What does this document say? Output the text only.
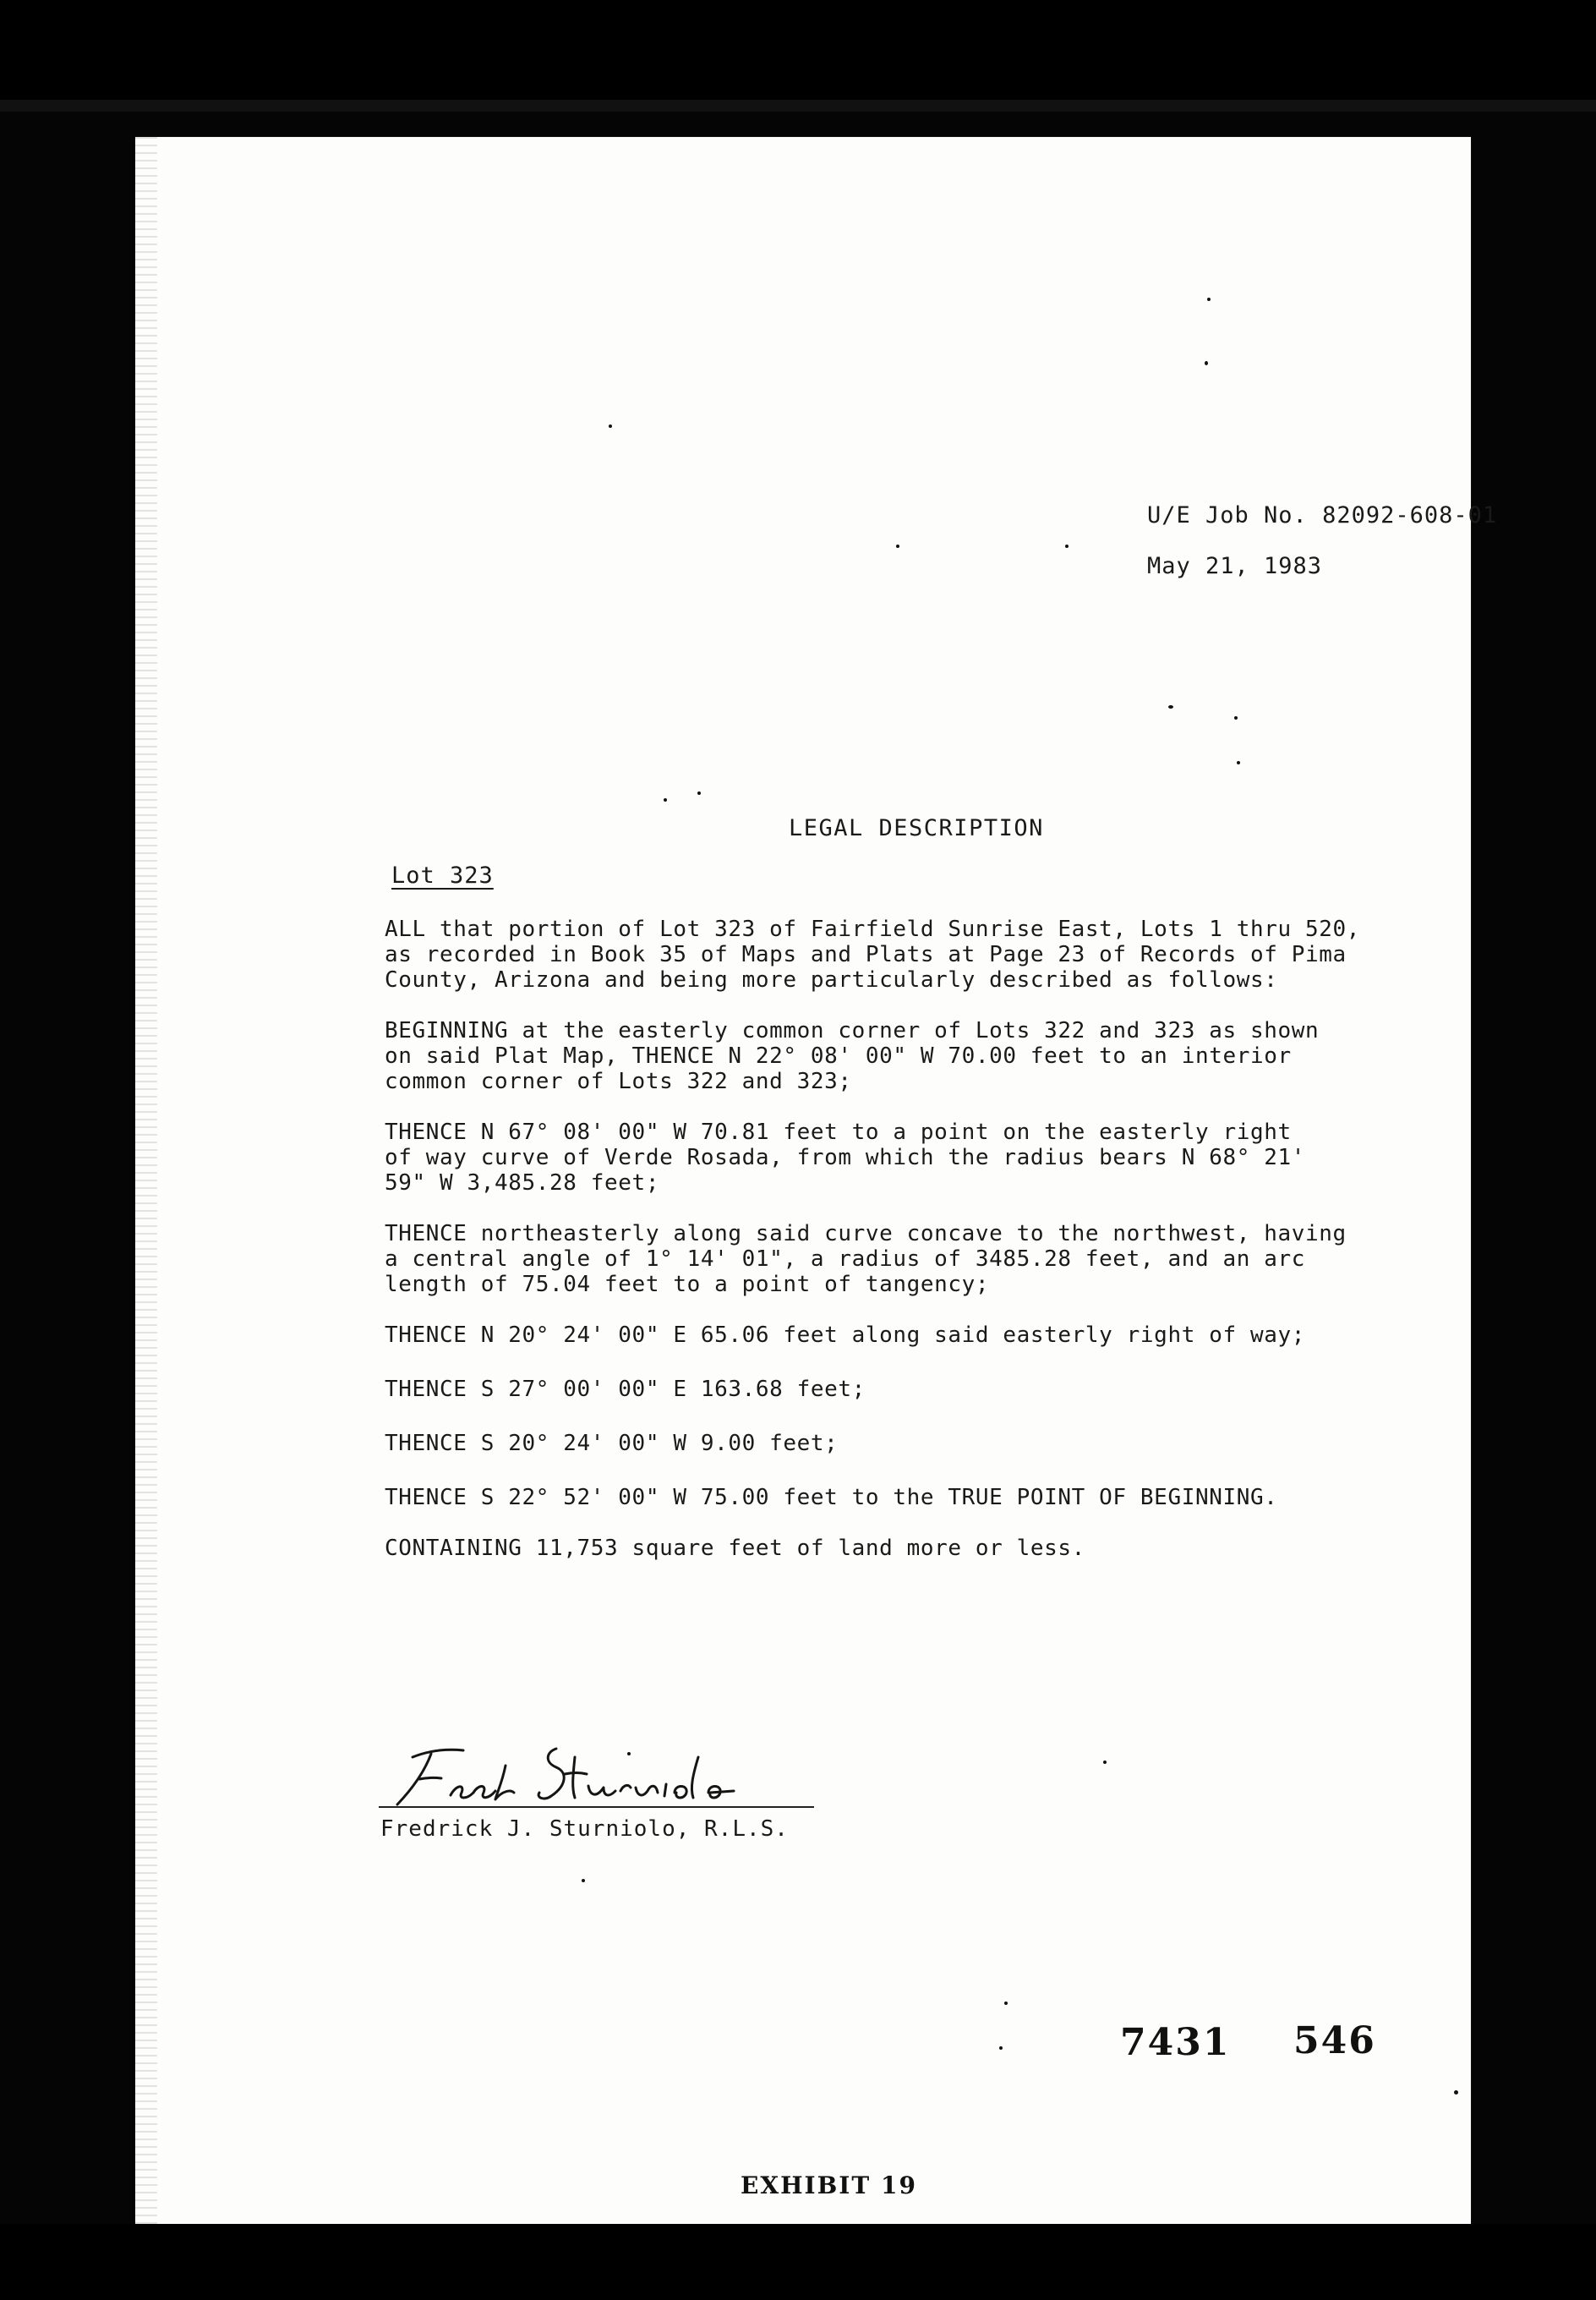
U/E Job No. 82092-608-01
May 21, 1983
LEGAL DESCRIPTION
Lot 323

ALL that portion of Lot 323 of Fairfield Sunrise East, Lots 1 thru 520,
as recorded in Book 35 of Maps and Plats at Page 23 of Records of Pima
County, Arizona and being more particularly described as follows:

BEGINNING at the easterly common corner of Lots 322 and 323 as shown
on said Plat Map, THENCE N 22° 08' 00" W 70.00 feet to an interior
common corner of Lots 322 and 323;

THENCE N 67° 08' 00" W 70.81 feet to a point on the easterly right
of way curve of Verde Rosada, from which the radius bears N 68° 21'
59" W 3,485.28 feet;

THENCE northeasterly along said curve concave to the northwest, having
a central angle of 1° 14' 01", a radius of 3485.28 feet, and an arc
length of 75.04 feet to a point of tangency;

THENCE N 20° 24' 00" E 65.06 feet along said easterly right of way;

THENCE S 27° 00' 00" E 163.68 feet;

THENCE S 20° 24' 00" W 9.00 feet;

THENCE S 22° 52' 00" W 75.00 feet to the TRUE POINT OF BEGINNING.

CONTAINING 11,753 square feet of land more or less.

Fredrick J. Sturniolo, R.L.S.
7431 546
EXHIBIT 19
